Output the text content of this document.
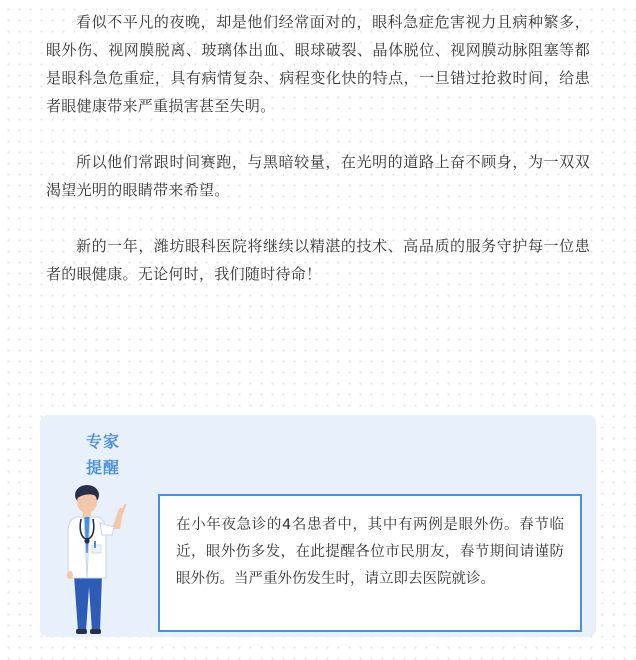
看似不平凡的夜晚，却是他们经常面对的，眼科急症危害视力且病种繁多，眼外伤、视网膜脱离、玻璃体出血、眼球破裂、晶体脱位、视网膜动脉阻塞等都是眼科急危重症，具有病情复杂、病程变化快的特点，一旦错过抢救时间，给患者眼健康带来严重损害甚至失明。

所以他们常跟时间赛跑，与黑暗较量，在光明的道路上奋不顾身，为一双双渴望光明的眼睛带来希望。

新的一年，潍坊眼科医院将继续以精湛的技术、高品质的服务守护每一位患者的眼健康。无论何时，我们随时待命！

专家
提醒

在小年夜急诊的4名患者中，其中有两例是眼外伤。春节临近，眼外伤多发，在此提醒各位市民朋友，春节期间请谨防眼外伤。当严重外伤发生时，请立即去医院就诊。
